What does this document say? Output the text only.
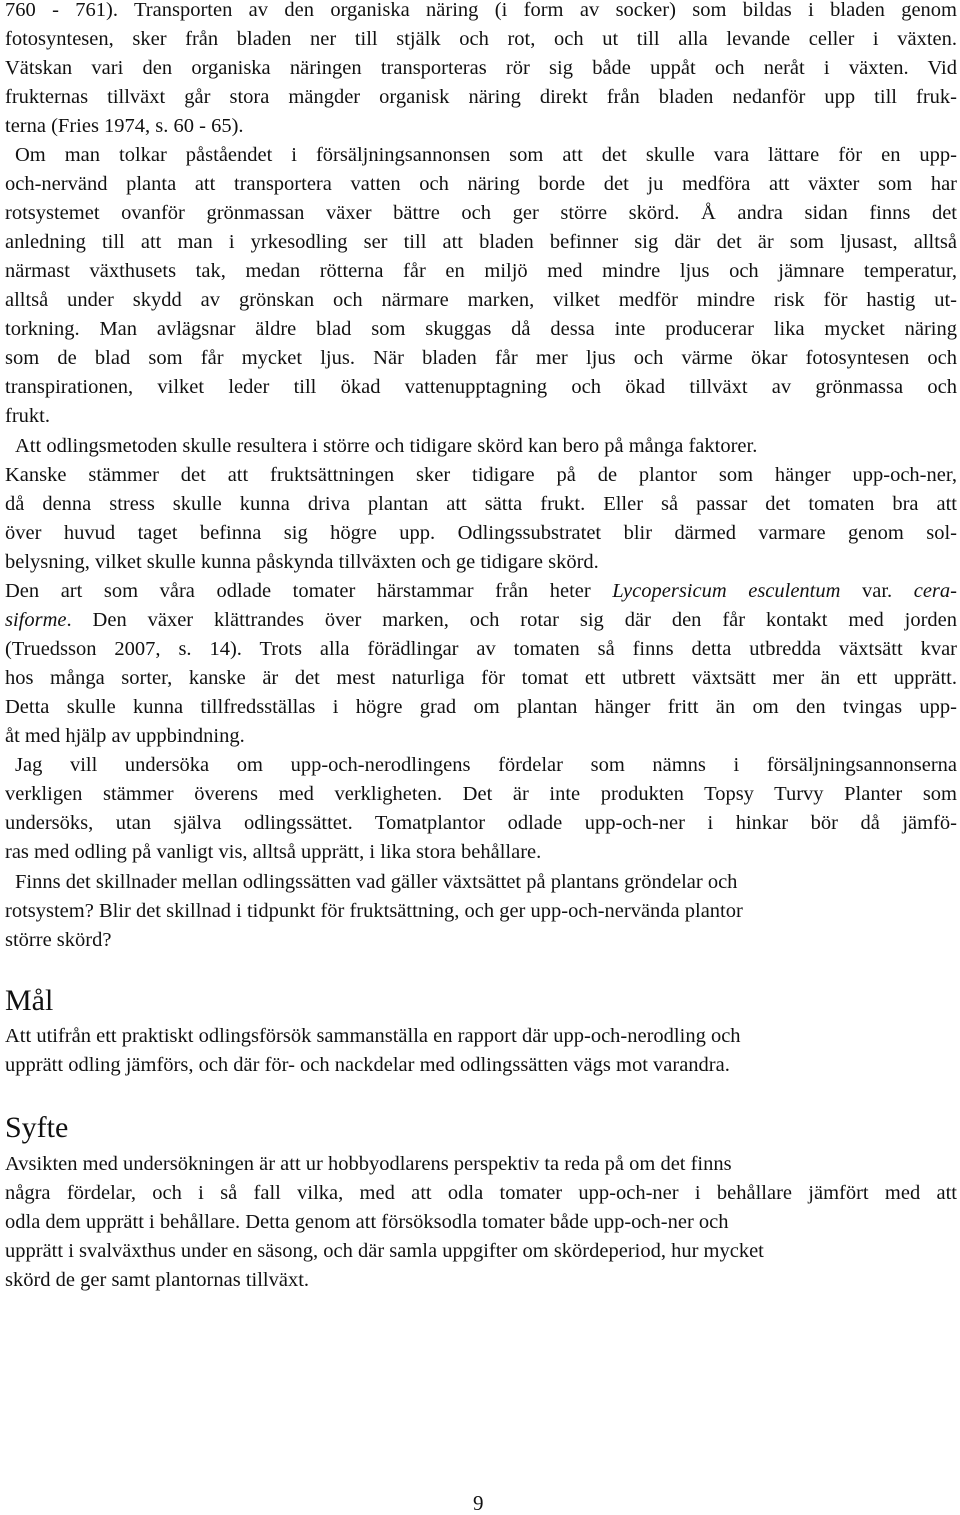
760 - 761). Transporten av den organiska näring (i form av socker) som bildas i bladen genom
fotosyntesen, sker från bladen ner till stjälk och rot, och ut till alla levande celler i växten.
Vätskan vari den organiska näringen transporteras rör sig både uppåt och neråt i växten. Vid
frukternas tillväxt går stora mängder organisk näring direkt från bladen nedanför upp till fruk-
terna (Fries 1974, s. 60 - 65).
Om man tolkar påståendet i försäljningsannonsen som att det skulle vara lättare för en upp-
och-nervänd planta att transportera vatten och näring borde det ju medföra att växter som har
rotsystemet ovanför grönmassan växer bättre och ger större skörd. Å andra sidan finns det
anledning till att man i yrkesodling ser till att bladen befinner sig där det är som ljusast, alltså
närmast växthusets tak, medan rötterna får en miljö med mindre ljus och jämnare temperatur,
alltså under skydd av grönskan och närmare marken, vilket medför mindre risk för hastig ut-
torkning. Man avlägsnar äldre blad som skuggas då dessa inte producerar lika mycket näring
som de blad som får mycket ljus. När bladen får mer ljus och värme ökar fotosyntesen och
transpirationen, vilket leder till ökad vattenupptagning och ökad tillväxt av grönmassa och
frukt.
Att odlingsmetoden skulle resultera i större och tidigare skörd kan bero på många faktorer.
Kanske stämmer det att fruktsättningen sker tidigare på de plantor som hänger upp-och-ner,
då denna stress skulle kunna driva plantan att sätta frukt. Eller så passar det tomaten bra att
över huvud taget befinna sig högre upp. Odlingssubstratet blir därmed varmare genom sol-
belysning, vilket skulle kunna påskynda tillväxten och ge tidigare skörd.
Den art som våra odlade tomater härstammar från heter Lycopersicum esculentum var. cera-
siforme. Den växer klättrandes över marken, och rotar sig där den får kontakt med jorden
(Truedsson 2007, s. 14). Trots alla förädlingar av tomaten så finns detta utbredda växtsätt kvar
hos många sorter, kanske är det mest naturliga för tomat ett utbrett växtsätt mer än ett upprätt.
Detta skulle kunna tillfredsställas i högre grad om plantan hänger fritt än om den tvingas upp-
åt med hjälp av uppbindning.
Jag vill undersöka om upp-och-nerodlingens fördelar som nämns i försäljningsannonserna
verkligen stämmer överens med verkligheten. Det är inte produkten Topsy Turvy Planter som
undersöks, utan själva odlingssättet. Tomatplantor odlade upp-och-ner i hinkar bör då jämfö-
ras med odling på vanligt vis, alltså upprätt, i lika stora behållare.
Finns det skillnader mellan odlingssätten vad gäller växtsättet på plantans gröndelar och
rotsystem? Blir det skillnad i tidpunkt för fruktsättning, och ger upp-och-nervända plantor
större skörd?
Mål
Att utifrån ett praktiskt odlingsförsök sammanställa en rapport där upp-och-nerodling och
upprätt odling jämförs, och där för- och nackdelar med odlingssätten vägs mot varandra.
Syfte
Avsikten med undersökningen är att ur hobbyodlarens perspektiv ta reda på om det finns
några fördelar, och i så fall vilka, med att odla tomater upp-och-ner i behållare jämfört med att
odla dem upprätt i behållare. Detta genom att försöksodla tomater både upp-och-ner och
upprätt i svalväxthus under en säsong, och där samla uppgifter om skördeperiod, hur mycket
skörd de ger samt plantornas tillväxt.
9
